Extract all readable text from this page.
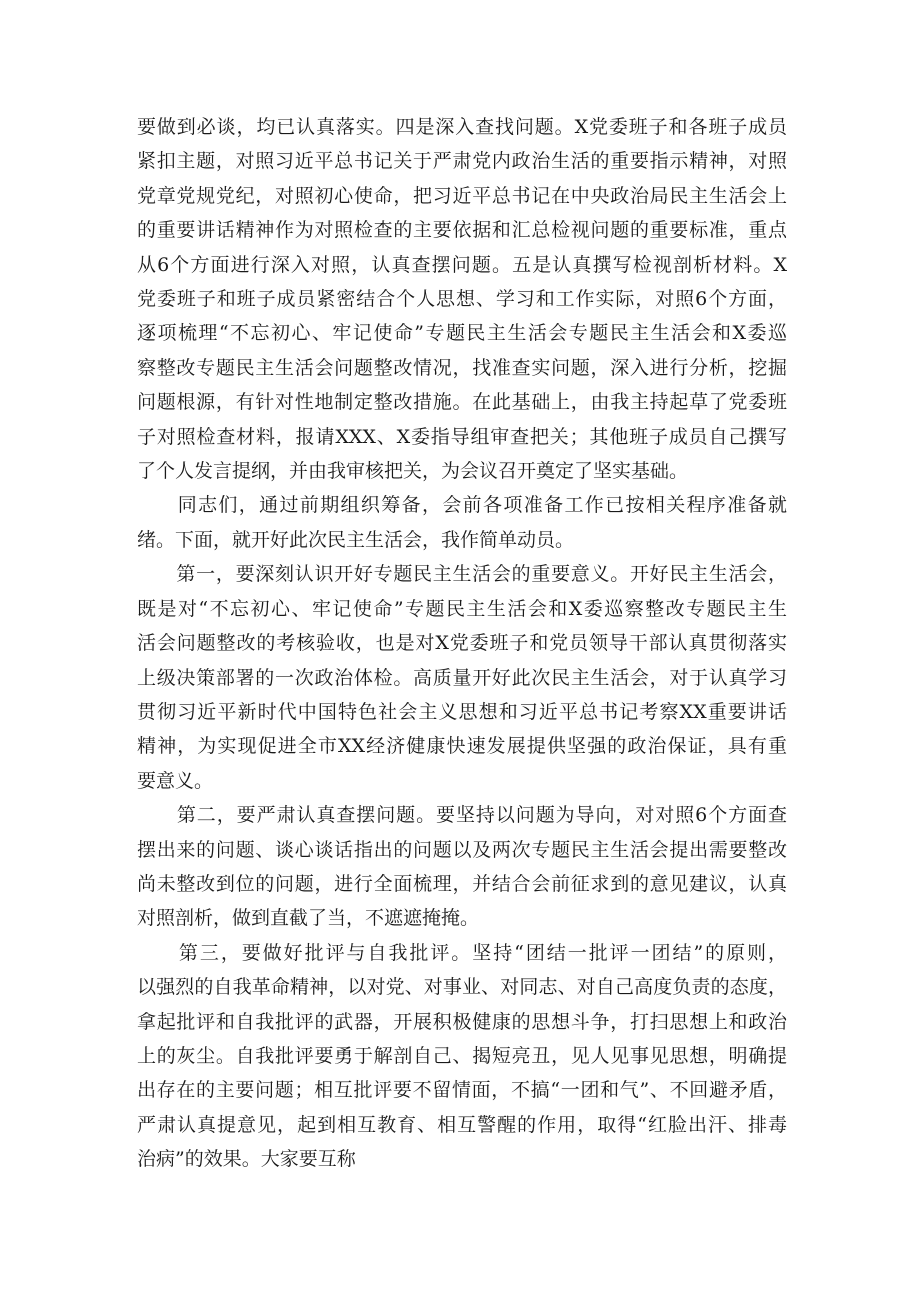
要做到必谈，均已认真落实。四是深入查找问题。X党委班子和各班子成员
紧扣主题，对照习近平总书记关于严肃党内政治生活的重要指示精神，对照
党章党规党纪，对照初心使命，把习近平总书记在中央政治局民主生活会上
的重要讲话精神作为对照检查的主要依据和汇总检视问题的重要标准，重点
从6个方面进行深入对照，认真查摆问题。五是认真撰写检视剖析材料。X
党委班子和班子成员紧密结合个人思想、学习和工作实际，对照6个方面，
逐项梳理“不忘初心、牢记使命”专题民主生活会专题民主生活会和X委巡
察整改专题民主生活会问题整改情况，找准查实问题，深入进行分析，挖掘
问题根源，有针对性地制定整改措施。在此基础上，由我主持起草了党委班
子对照检查材料，报请XXX、X委指导组审查把关；其他班子成员自己撰写
了个人发言提纲，并由我审核把关，为会议召开奠定了坚实基础。
　　同志们，通过前期组织筹备，会前各项准备工作已按相关程序准备就
绪。下面，就开好此次民主生活会，我作简单动员。
　　第一，要深刻认识开好专题民主生活会的重要意义。开好民主生活会，
既是对“不忘初心、牢记使命”专题民主生活会和X委巡察整改专题民主生
活会问题整改的考核验收，也是对X党委班子和党员领导干部认真贯彻落实
上级决策部署的一次政治体检。高质量开好此次民主生活会，对于认真学习
贯彻习近平新时代中国特色社会主义思想和习近平总书记考察XX重要讲话
精神，为实现促进全市XX经济健康快速发展提供坚强的政治保证，具有重
要意义。
　　第二，要严肃认真查摆问题。要坚持以问题为导向，对对照6个方面查
摆出来的问题、谈心谈话指出的问题以及两次专题民主生活会提出需要整改
尚未整改到位的问题，进行全面梳理，并结合会前征求到的意见建议，认真
对照剖析，做到直截了当，不遮遮掩掩。
　　第三，要做好批评与自我批评。坚持“团结一批评一团结”的原则，
以强烈的自我革命精神，以对党、对事业、对同志、对自己高度负责的态度，
拿起批评和自我批评的武器，开展积极健康的思想斗争，打扫思想上和政治
上的灰尘。自我批评要勇于解剖自己、揭短亮丑，见人见事见思想，明确提
出存在的主要问题；相互批评要不留情面，不搞“一团和气”、不回避矛盾，
严肃认真提意见，起到相互教育、相互警醒的作用，取得“红脸出汗、排毒
治病”的效果。大家要互称
